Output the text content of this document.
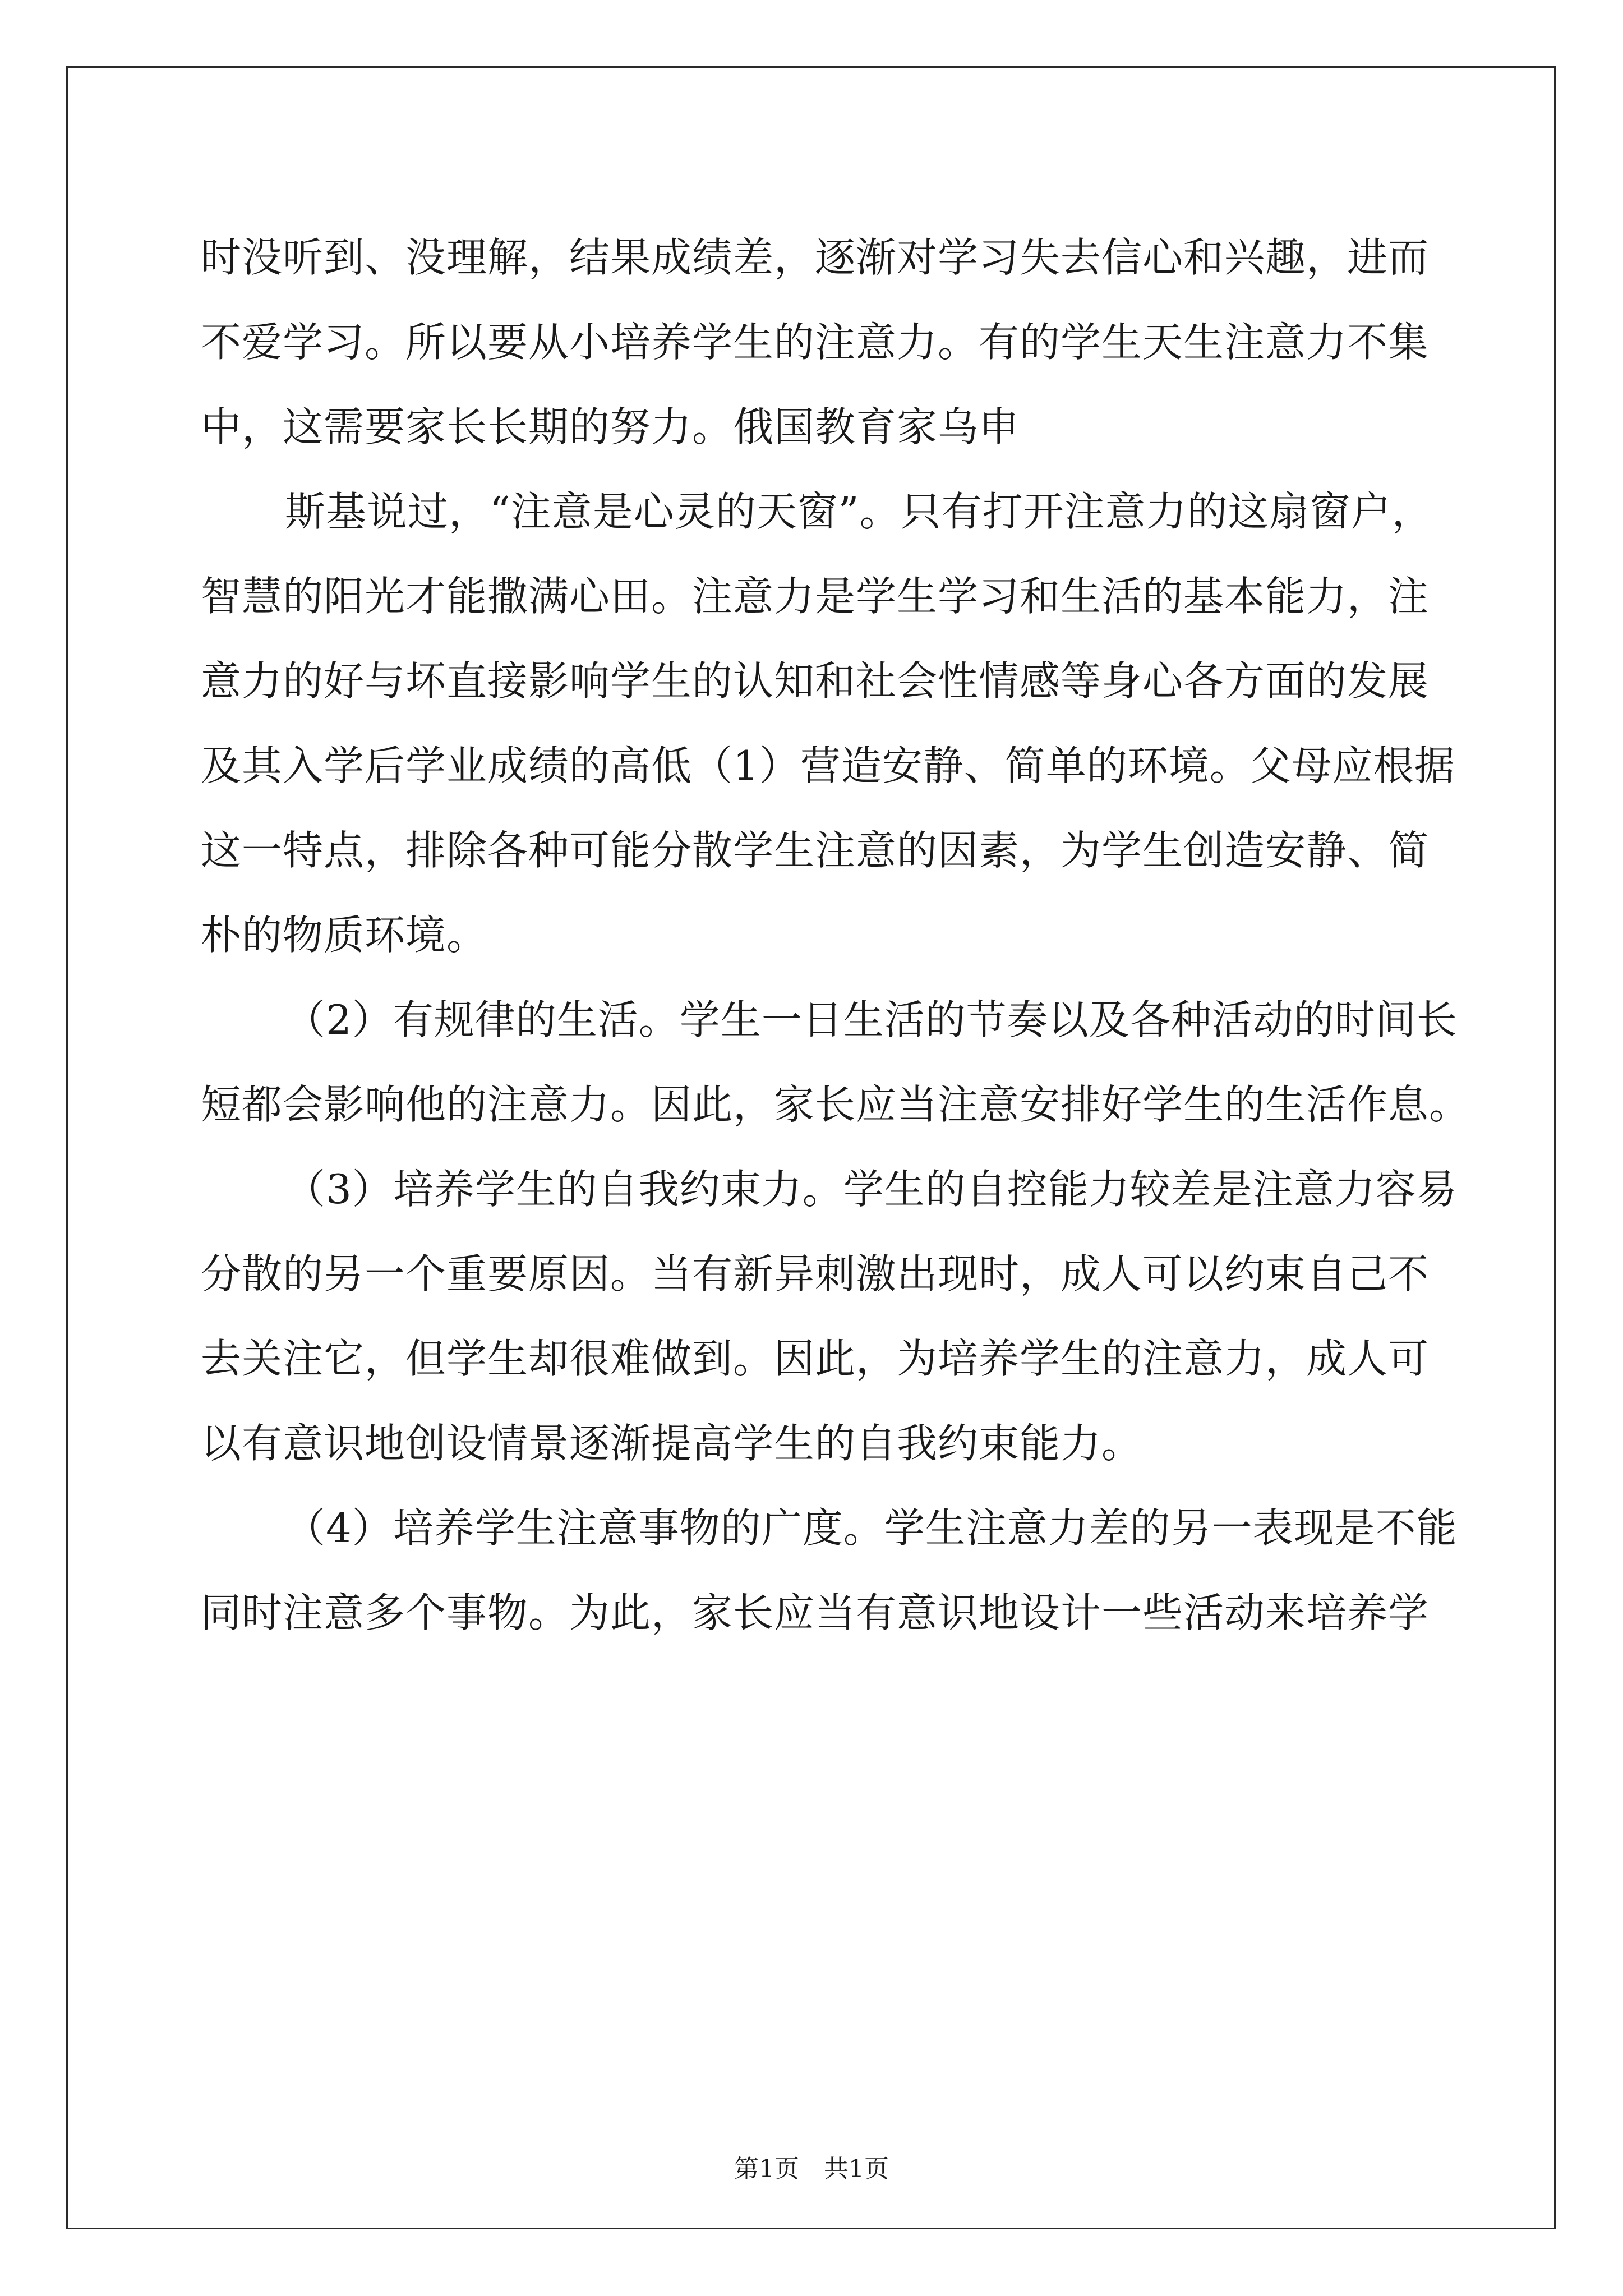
时没听到、没理解，结果成绩差，逐渐对学习失去信心和兴趣，进而
不爱学习。所以要从小培养学生的注意力。有的学生天生注意力不集
中，这需要家长长期的努力。俄国教育家乌申
斯基说过，“注意是心灵的天窗”。只有打开注意力的这扇窗户，
智慧的阳光才能撒满心田。注意力是学生学习和生活的基本能力，注
意力的好与坏直接影响学生的认知和社会性情感等身心各方面的发展
及其入学后学业成绩的高低（1）营造安静、简单的环境。父母应根据
这一特点，排除各种可能分散学生注意的因素，为学生创造安静、简
朴的物质环境。
（2）有规律的生活。学生一日生活的节奏以及各种活动的时间长
短都会影响他的注意力。因此，家长应当注意安排好学生的生活作息。
（3）培养学生的自我约束力。学生的自控能力较差是注意力容易
分散的另一个重要原因。当有新异刺激出现时，成人可以约束自己不
去关注它，但学生却很难做到。因此，为培养学生的注意力，成人可
以有意识地创设情景逐渐提高学生的自我约束能力。
（4）培养学生注意事物的广度。学生注意力差的另一表现是不能
同时注意多个事物。为此，家长应当有意识地设计一些活动来培养学
第1页 共1页
